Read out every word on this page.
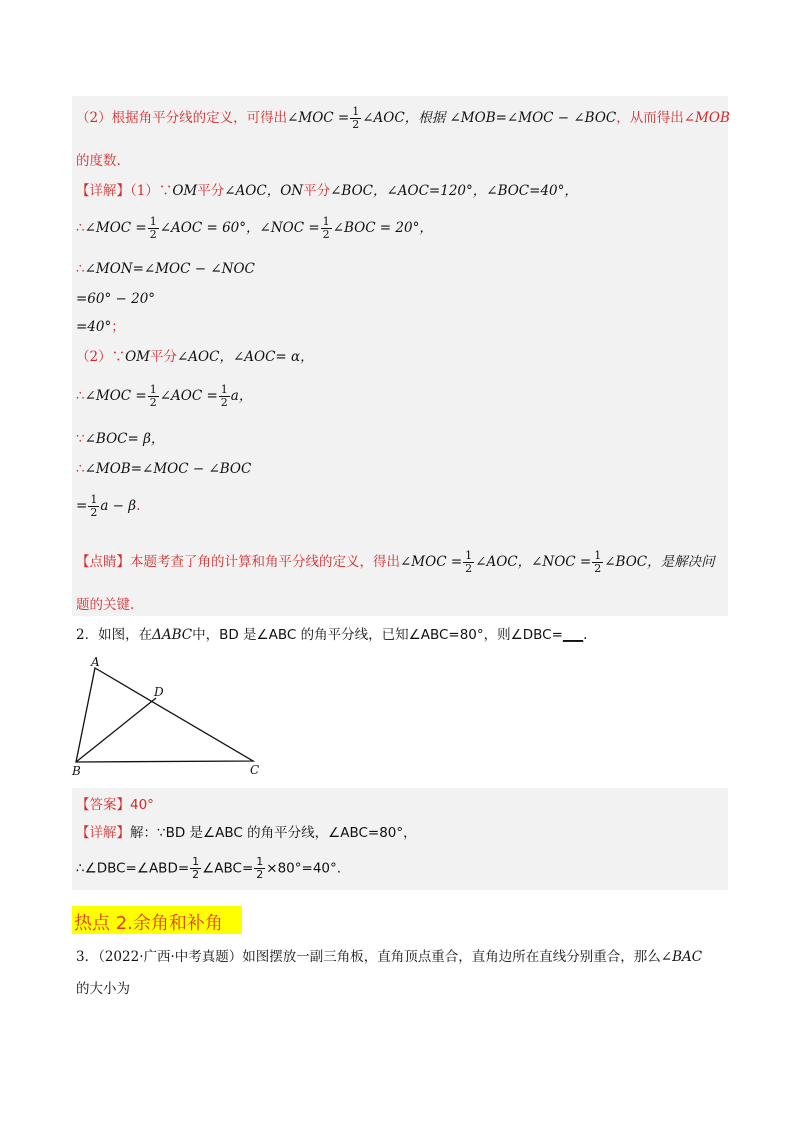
（2）根据角平分线的定义，可得出∠MOC = $\frac{1}{2}$ ∠AOC，根据 ∠MOB=∠MOC − ∠BOC，从而得出∠MOB
的度数.
【详解】（1）∵OM平分∠AOC，ON平分∠BOC，∠AOC=120°，∠BOC=40°，
∴∠MOC = $\frac{1}{2}$ ∠AOC = 60°，∠NOC = $\frac{1}{2}$ ∠BOC = 20°，
∴∠MON=∠MOC − ∠NOC
=60° − 20°
=40°；
（2）∵OM平分∠AOC，∠AOC= α，
∴∠MOC = $\frac{1}{2}$ ∠AOC = $\frac{1}{2}$ a，
∵∠BOC= β，
∴∠MOB=∠MOC − ∠BOC
= $\frac{1}{2}$ a − β.
【点睛】本题考查了角的计算和角平分线的定义，得出∠MOC = $\frac{1}{2}$ ∠AOC，∠NOC = $\frac{1}{2}$ ∠BOC，是解决问
题的关键.
2．如图，在ΔABC中，BD 是∠ABC 的角平分线，已知∠ABC=80°，则∠DBC=___.
A
D
B	C
【答案】40°
【详解】解：∵BD 是∠ABC 的角平分线，∠ABC=80°，
∴∠DBC=∠ABD= $\frac{1}{2}$ ∠ABC= $\frac{1}{2} \times 80^\circ=40^\circ$.
热点 2.余角和补角
3．（2022·广西·中考真题）如图摆放一副三角板，直角顶点重合，直角边所在直线分别重合，那么∠BAC
的大小为
